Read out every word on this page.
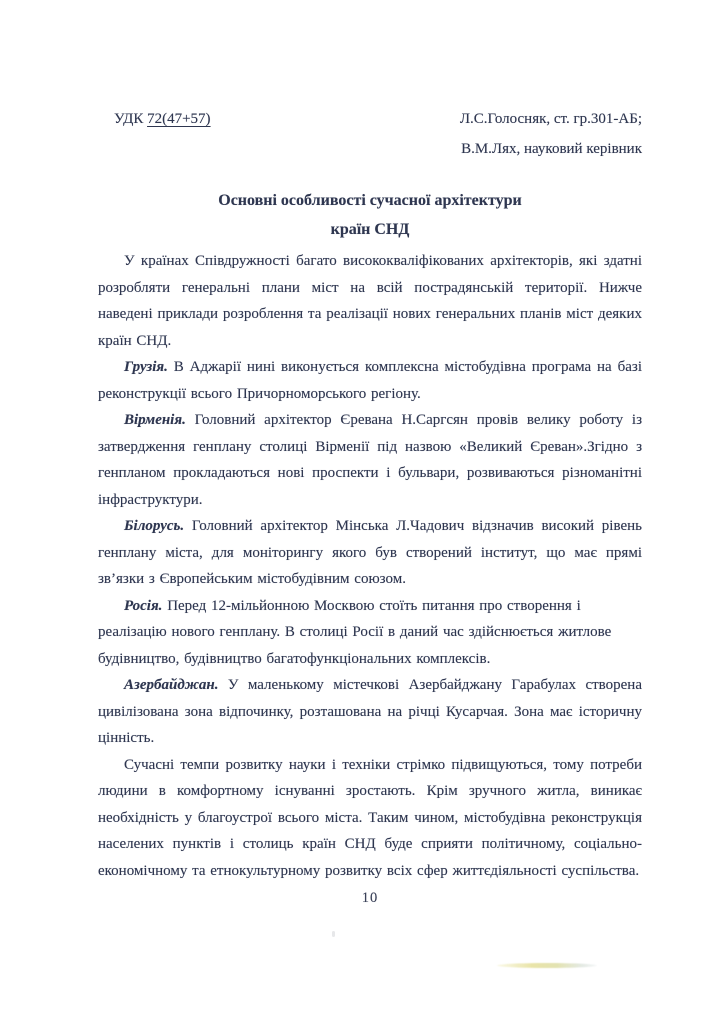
УДК 72(47+57)	Л.С.Голосняк, ст. гр.301-АБ;
В.М.Лях, науковий керівник
Основні особливості сучасної архітектури
країн СНД

У країнах Співдружності багато висококваліфікованих архітекторів, які здатні розробляти генеральні плани міст на всій пострадянській території. Нижче наведені приклади розроблення та реалізації нових генеральних планів міст деяких країн СНД.

Грузія. В Аджарії нині виконується комплексна містобудівна програма на базі реконструкції всього Причорноморського регіону.

Вірменія. Головний архітектор Єревана Н.Саргсян провів велику роботу із затвердження генплану столиці Вірменії під назвою «Великий Єреван».Згідно з генпланом прокладаються нові проспекти і бульвари, розвиваються різноманітні інфраструктури.

Білорусь. Головний архітектор Мінська Л.Чадович відзначив високий рівень генплану міста, для моніторингу якого був створений інститут, що має прямі зв’язки з Європейським містобудівним союзом.

Росія. Перед 12-мільйонною Москвою стоїть питання про створення і реалізацію нового генплану. В столиці Росії в даний час здійснюється житлове будівництво, будівництво багатофункціональних комплексів.

Азербайджан. У маленькому містечкові Азербайджану Гарабулах створена цивілізована зона відпочинку, розташована на річці Кусарчая. Зона має історичну цінність.

Сучасні темпи розвитку науки і техніки стрімко підвищуються, тому потреби людини в комфортному існуванні зростають. Крім зручного житла, виникає необхідність у благоустрої всього міста. Таким чином, містобудівна реконструкція населених пунктів і столиць країн СНД буде сприяти політичному, соціально-економічному та етнокультурному розвитку всіх сфер життєдіяльності суспільства.

10
